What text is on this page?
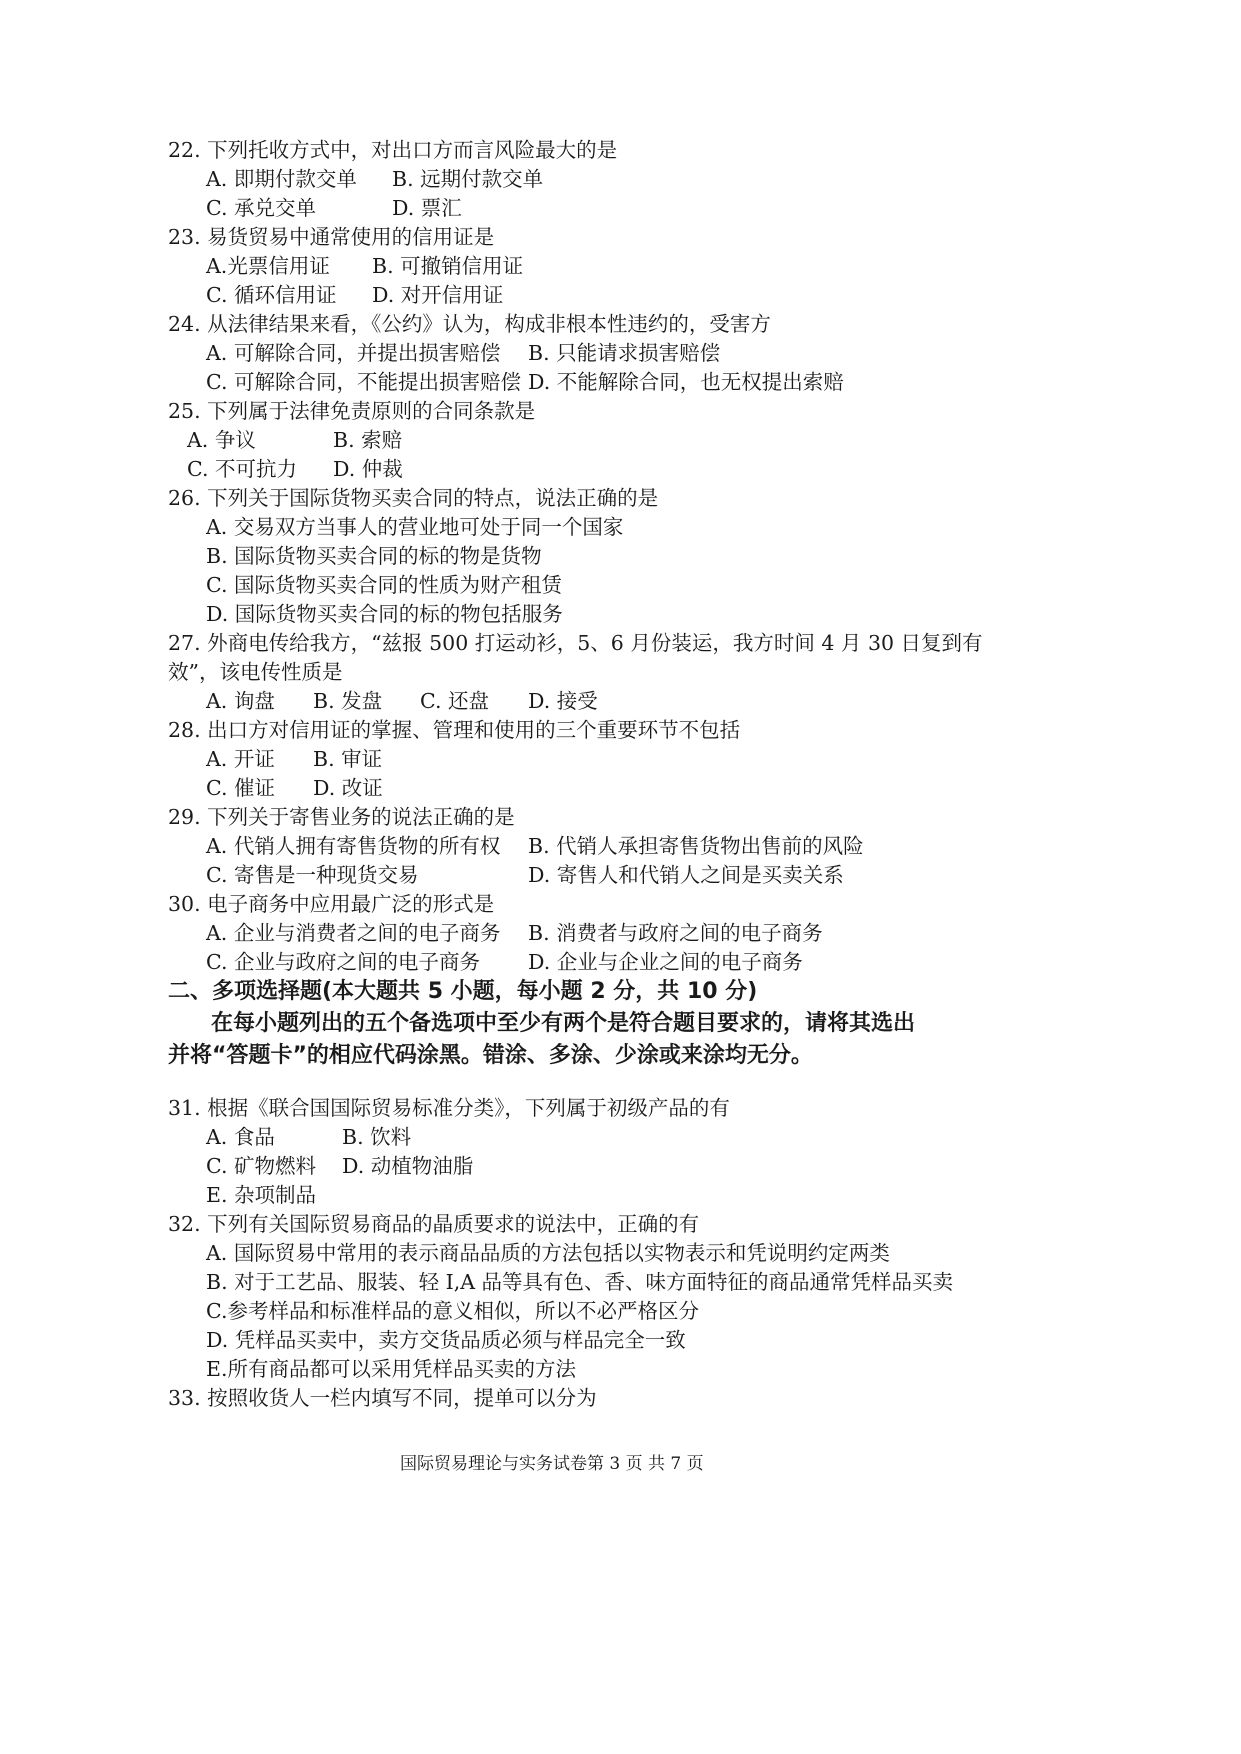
22. 下列托收方式中，对出口方而言风险最大的是
A. 即期付款交单 B. 远期付款交单
C. 承兑交单	D. 票汇
23. 易货贸易中通常使用的信用证是
A.光票信用证 B. 可撤销信用证
C. 循环信用证 D. 对开信用证
24. 从法律结果来看，《公约》认为，构成非根本性违约的，受害方
A. 可解除合同，并提出损害赔偿 B. 只能请求损害赔偿
C. 可解除合同，不能提出损害赔偿 D. 不能解除合同，也无权提出索赔
25. 下列属于法律免责原则的合同条款是
A. 争议	B. 索赔
C. 不可抗力 D. 仲裁
26. 下列关于国际货物买卖合同的特点，说法正确的是
A. 交易双方当事人的营业地可处于同一个国家
B. 国际货物买卖合同的标的物是货物
C. 国际货物买卖合同的性质为财产租赁
D. 国际货物买卖合同的标的物包括服务
27. 外商电传给我方，“兹报 500 打运动衫，5、6 月份装运，我方时间 4 月 30 日复到有
效”，该电传性质是
A. 询盘 B. 发盘 C. 还盘 D. 接受
28. 出口方对信用证的掌握、管理和使用的三个重要环节不包括
A. 开证 B. 审证
C. 催证 D. 改证
29. 下列关于寄售业务的说法正确的是
A. 代销人拥有寄售货物的所有权 B. 代销人承担寄售货物出售前的风险
C. 寄售是一种现货交易	D. 寄售人和代销人之间是买卖关系
30. 电子商务中应用最广泛的形式是
A. 企业与消费者之间的电子商务 B. 消费者与政府之间的电子商务
C. 企业与政府之间的电子商务 D. 企业与企业之间的电子商务
二、多项选择题(本大题共 5 小题，每小题 2 分，共 10 分)
在每小题列出的五个备选项中至少有两个是符合题目要求的，请将其选出
并将“答题卡”的相应代码涂黑。错涂、多涂、少涂或来涂均无分。
31. 根据《联合国国际贸易标准分类》，下列属于初级产品的有
A. 食品	B. 饮料
C. 矿物燃料 D. 动植物油脂
E. 杂项制品
32. 下列有关国际贸易商品的晶质要求的说法中，正确的有
A. 国际贸易中常用的表示商品品质的方法包括以实物表示和凭说明约定两类
B. 对于工艺品、服装、轻 I,A 品等具有色、香、味方面特征的商品通常凭样品买卖
C.参考样品和标准样品的意义相似，所以不必严格区分
D. 凭样品买卖中，卖方交货品质必须与样品完全一致
E.所有商品都可以采用凭样品买卖的方法
33. 按照收货人一栏内填写不同，提单可以分为
国际贸易理论与实务试卷第 3 页 共 7 页
